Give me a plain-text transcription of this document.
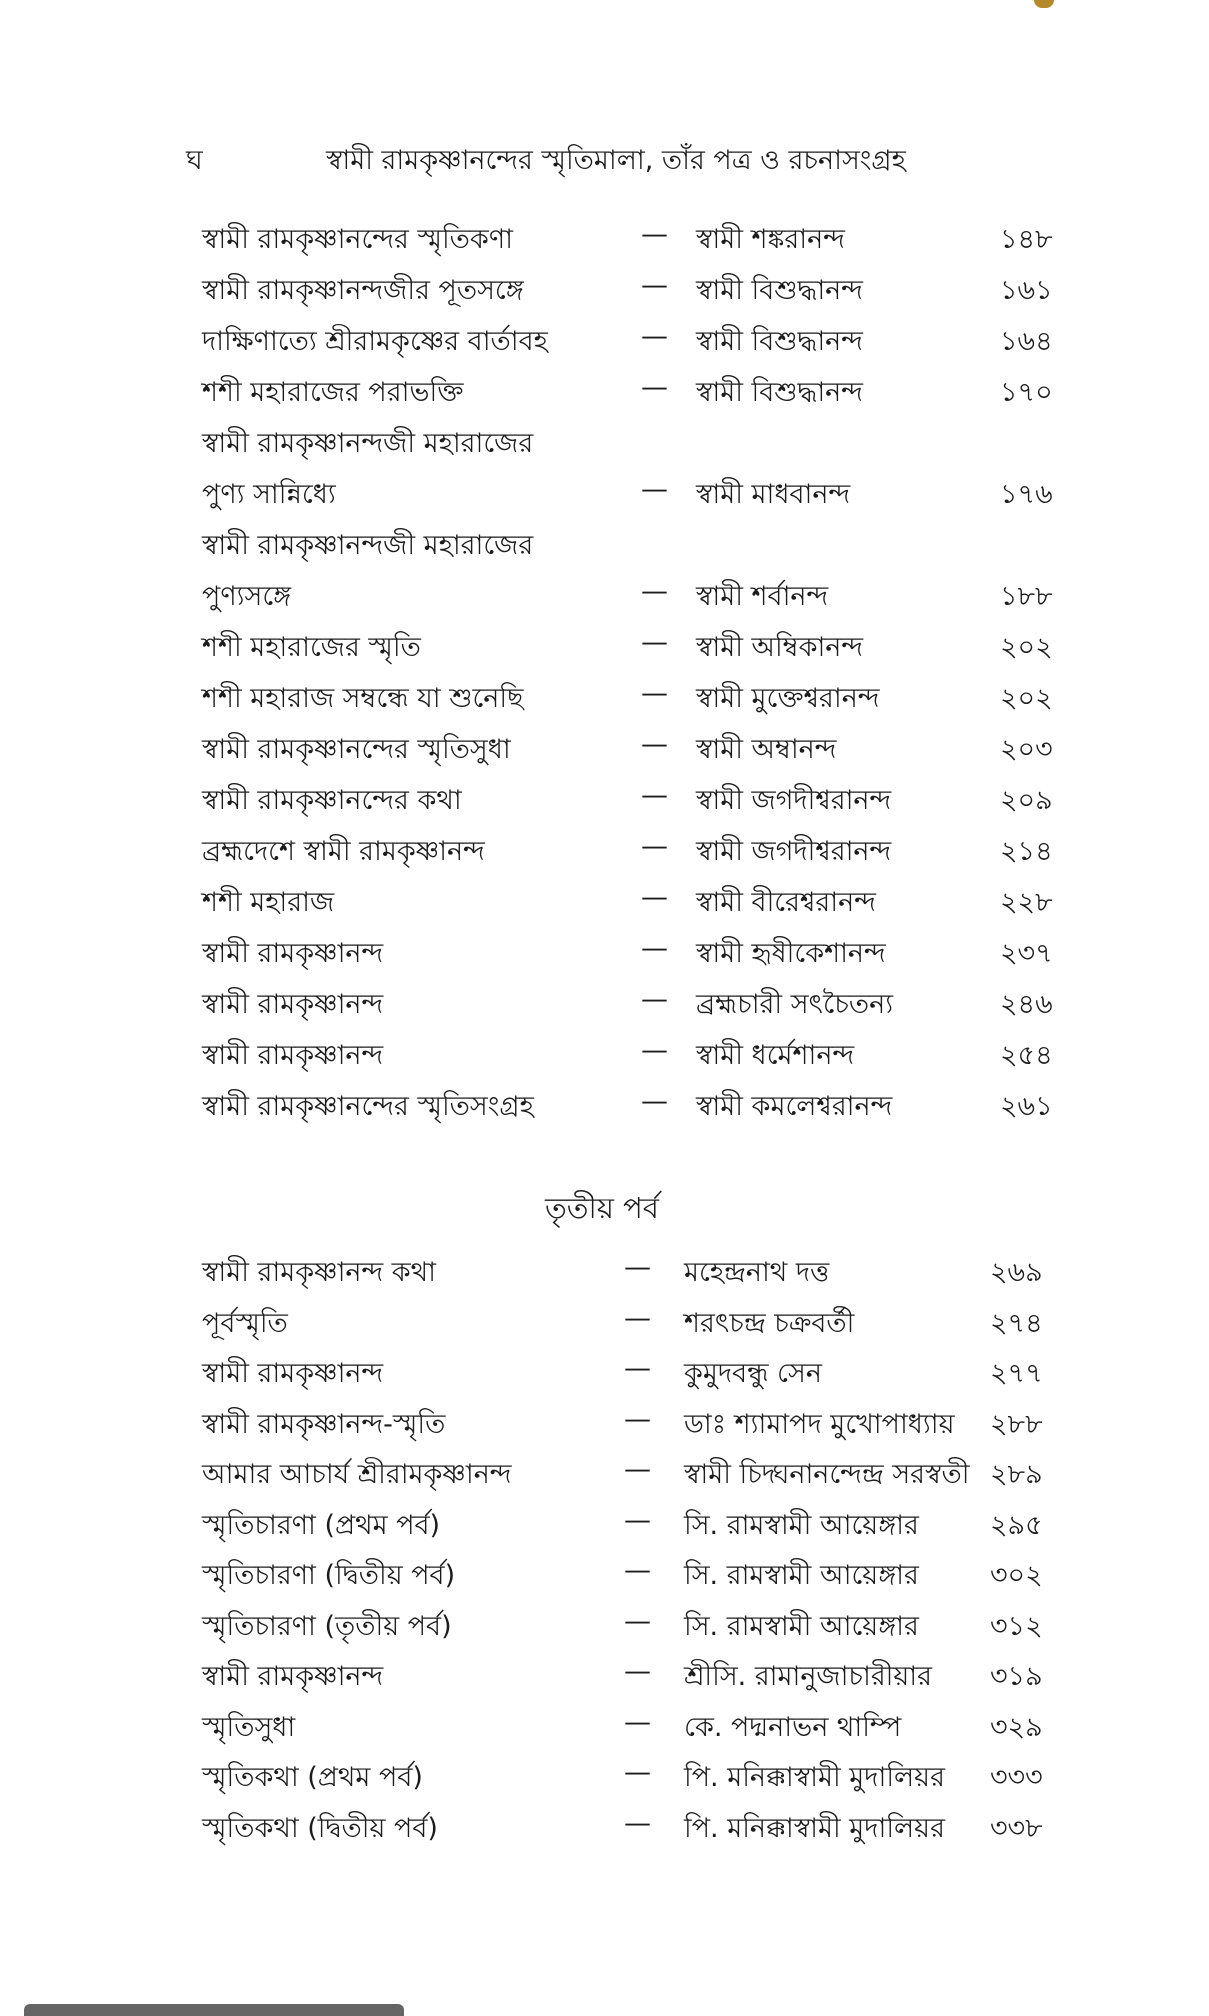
ঘ	স্বামী রামকৃষ্ণানন্দের স্মৃতিমালা, তাঁর পত্র ও রচনাসংগ্রহ
স্বামী রামকৃষ্ণানন্দের স্মৃতিকণা	— স্বামী শঙ্করানন্দ	১৪৮
স্বামী রামকৃষ্ণানন্দজীর পূতসঙ্গে	— স্বামী বিশুদ্ধানন্দ	১৬১
দাক্ষিণাত্যে শ্রীরামকৃষ্ণের বার্তাবহ	— স্বামী বিশুদ্ধানন্দ	১৬৪
শশী মহারাজের পরাভক্তি	— স্বামী বিশুদ্ধানন্দ	১৭০
স্বামী রামকৃষ্ণানন্দজী মহারাজের
পুণ্য সান্নিধ্যে	— স্বামী মাধবানন্দ	১৭৬
স্বামী রামকৃষ্ণানন্দজী মহারাজের
পুণ্যসঙ্গে	— স্বামী শর্বানন্দ	১৮৮
শশী মহারাজের স্মৃতি	— স্বামী অম্বিকানন্দ	২০২
শশী মহারাজ সম্বন্ধে যা শুনেছি	— স্বামী মুক্তেশ্বরানন্দ	২০২
স্বামী রামকৃষ্ণানন্দের স্মৃতিসুধা	— স্বামী অম্বানন্দ	২০৩
স্বামী রামকৃষ্ণানন্দের কথা	— স্বামী জগদীশ্বরানন্দ	২০৯
ব্রহ্মদেশে স্বামী রামকৃষ্ণানন্দ	— স্বামী জগদীশ্বরানন্দ	২১৪
শশী মহারাজ	— স্বামী বীরেশ্বরানন্দ	২২৮
স্বামী রামকৃষ্ণানন্দ	— স্বামী হৃষীকেশানন্দ	২৩৭
স্বামী রামকৃষ্ণানন্দ	— ব্রহ্মচারী সৎচৈতন্য	২৪৬
স্বামী রামকৃষ্ণানন্দ	— স্বামী ধর্মেশানন্দ	২৫৪
স্বামী রামকৃষ্ণানন্দের স্মৃতিসংগ্রহ	— স্বামী কমলেশ্বরানন্দ	২৬১
তৃতীয় পর্ব
স্বামী রামকৃষ্ণানন্দ কথা	— মহেন্দ্রনাথ দত্ত	২৬৯
পূর্বস্মৃতি	— শরৎচন্দ্র চক্রবর্তী	২৭৪
স্বামী রামকৃষ্ণানন্দ	— কুমুদবন্ধু সেন	২৭৭
স্বামী রামকৃষ্ণানন্দ-স্মৃতি	— ডাঃ শ্যামাপদ মুখোপাধ্যায় ২৮৮
আমার আচার্য শ্রীরামকৃষ্ণানন্দ	— স্বামী চিদ্ঘনানন্দেন্দ্র সরস্বতী ২৮৯
স্মৃতিচারণা (প্রথম পর্ব)	— সি. রামস্বামী আয়েঙ্গার	২৯৫
স্মৃতিচারণা (দ্বিতীয় পর্ব)	— সি. রামস্বামী আয়েঙ্গার	৩০২
স্মৃতিচারণা (তৃতীয় পর্ব)	— সি. রামস্বামী আয়েঙ্গার	৩১২
স্বামী রামকৃষ্ণানন্দ	— শ্রীসি. রামানুজাচারীয়ার ৩১৯
স্মৃতিসুধা	— কে. পদ্মনাভন থাম্পি	৩২৯
স্মৃতিকথা (প্রথম পর্ব)	— পি. মনিক্কাস্বামী মুদালিয়র ৩৩৩
স্মৃতিকথা (দ্বিতীয় পর্ব)	— পি. মনিক্কাস্বামী মুদালিয়র ৩৩৮
